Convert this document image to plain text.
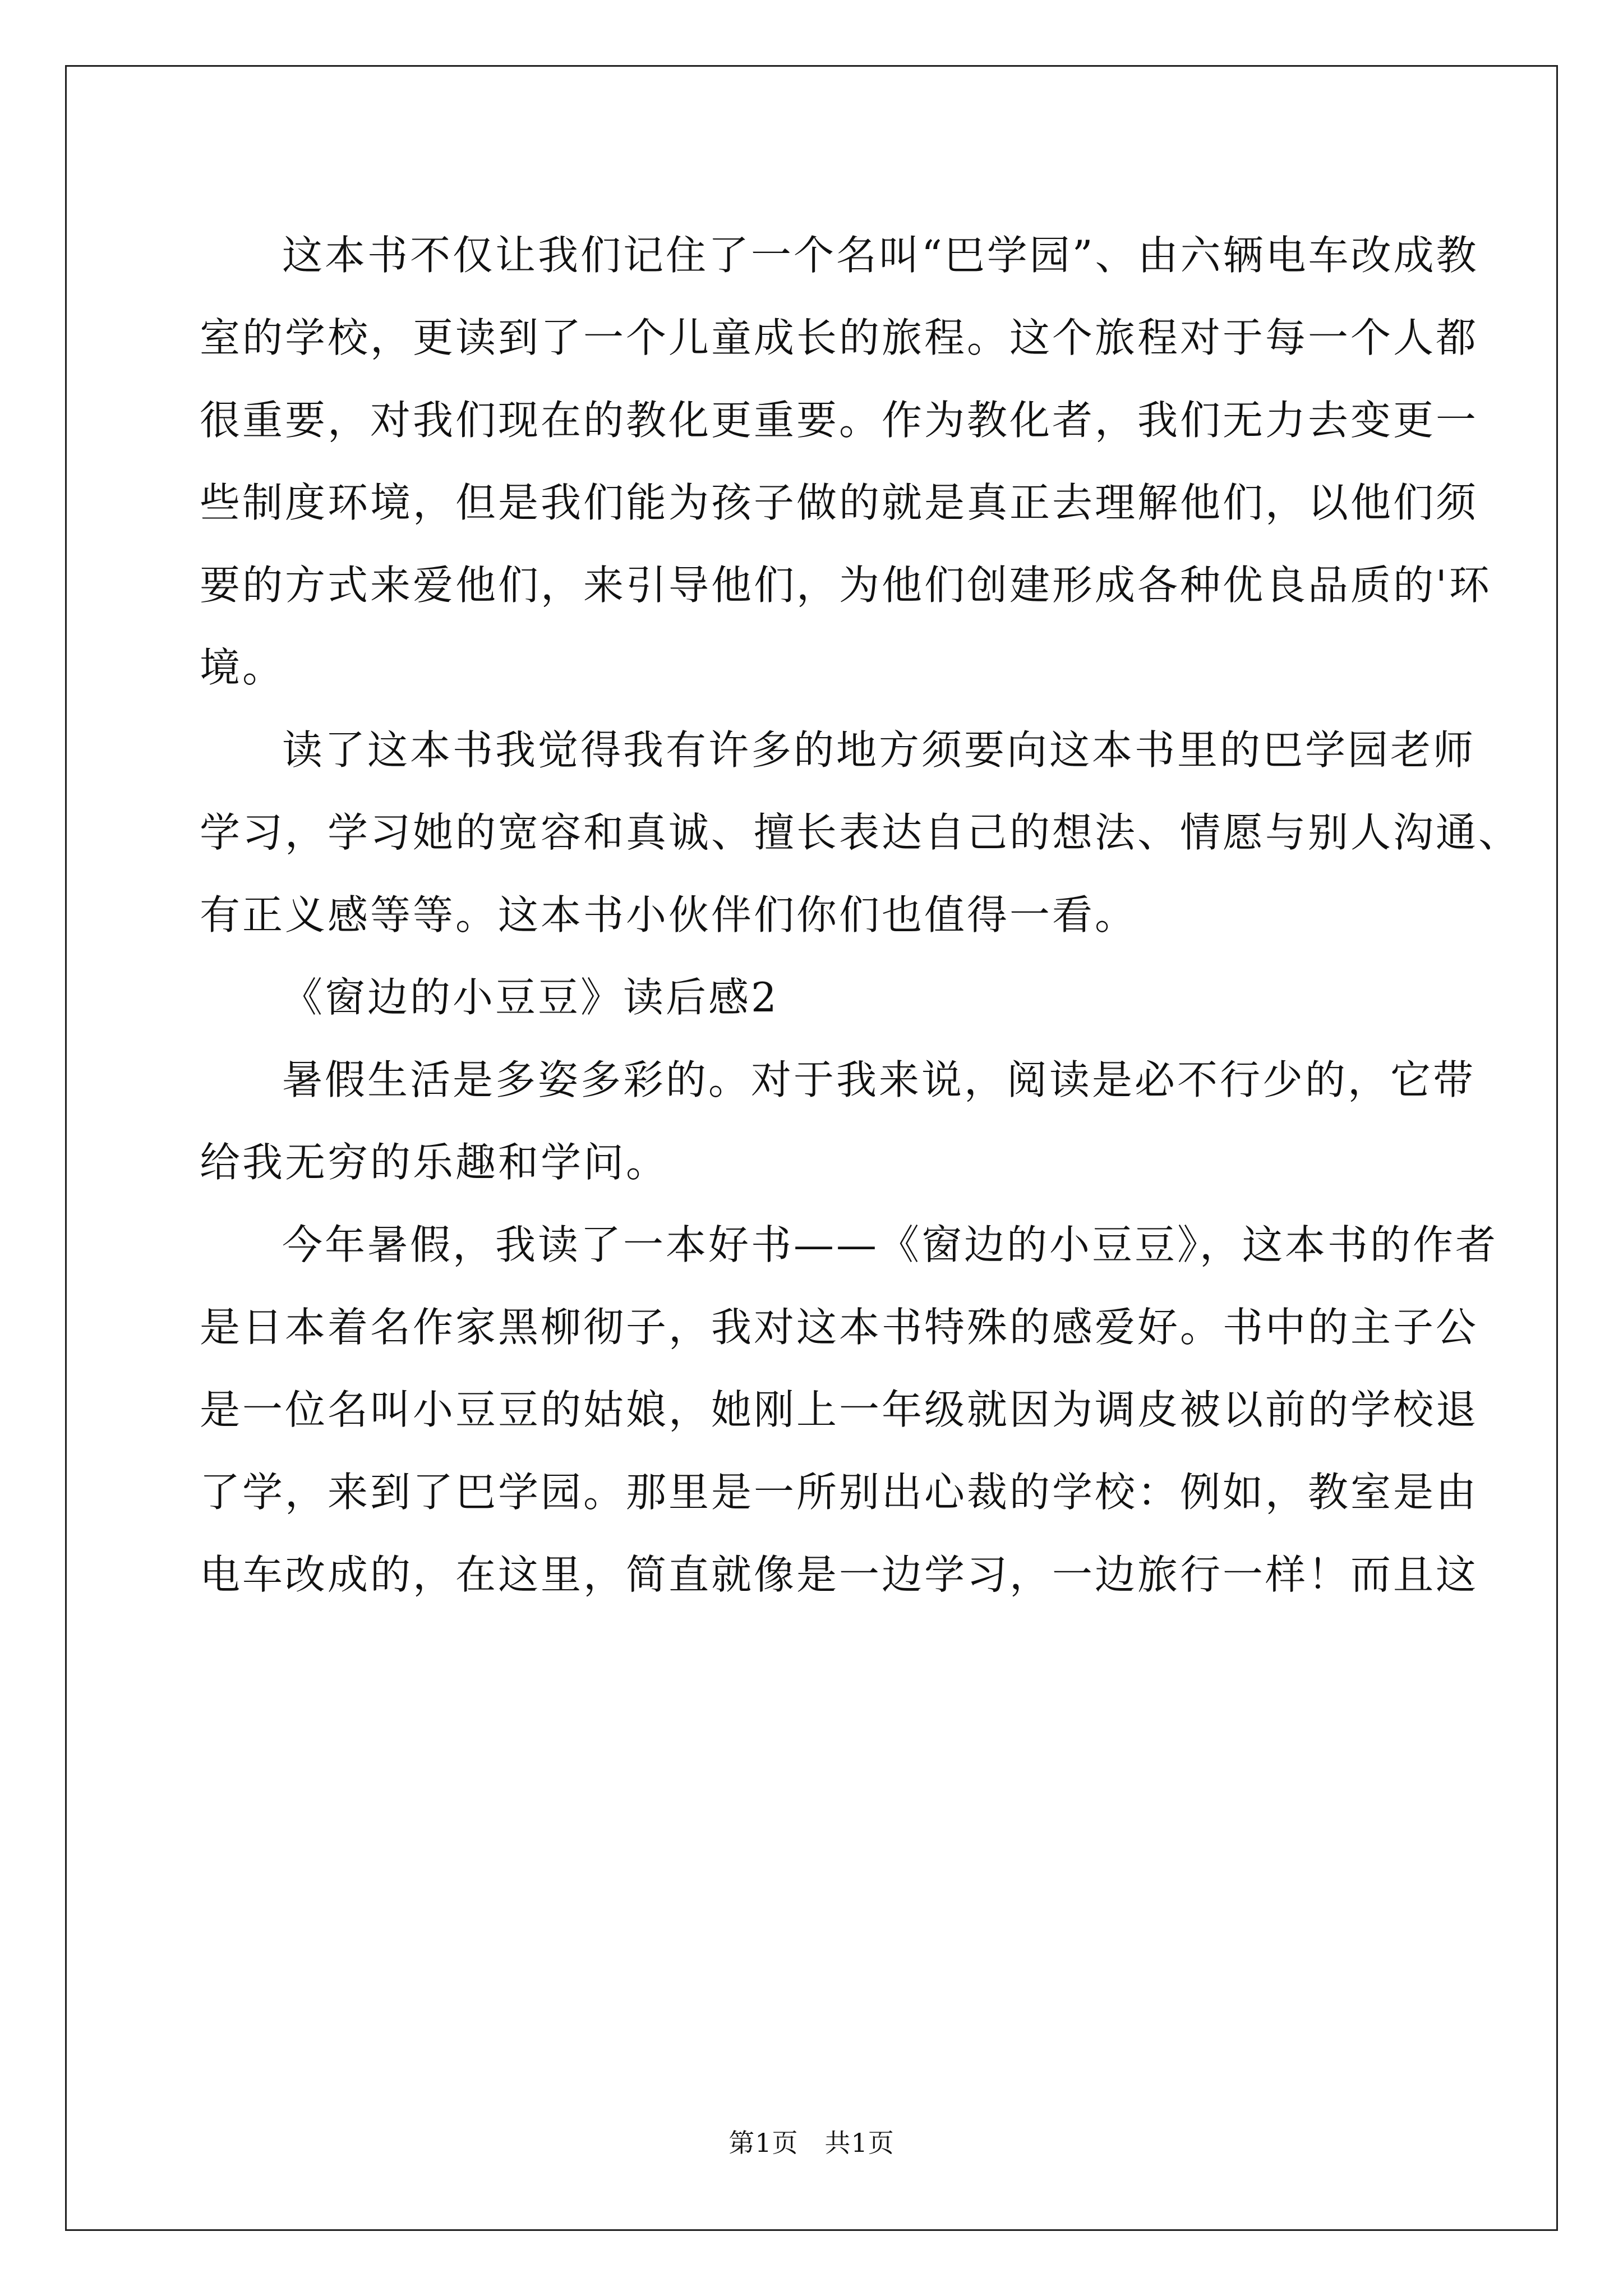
这本书不仅让我们记住了一个名叫“巴学园”、由六辆电车改成教
室的学校，更读到了一个儿童成长的旅程。这个旅程对于每一个人都
很重要，对我们现在的教化更重要。作为教化者，我们无力去变更一
些制度环境，但是我们能为孩子做的就是真正去理解他们，以他们须
要的方式来爱他们，来引导他们，为他们创建形成各种优良品质的'环
境。
读了这本书我觉得我有许多的地方须要向这本书里的巴学园老师
学习，学习她的宽容和真诚、擅长表达自己的想法、情愿与别人沟通、
有正义感等等。这本书小伙伴们你们也值得一看。
《窗边的小豆豆》读后感2
暑假生活是多姿多彩的。对于我来说，阅读是必不行少的，它带
给我无穷的乐趣和学问。
今年暑假，我读了一本好书——《窗边的小豆豆》，这本书的作者
是日本着名作家黑柳彻子，我对这本书特殊的感爱好。书中的主子公
是一位名叫小豆豆的姑娘，她刚上一年级就因为调皮被以前的学校退
了学，来到了巴学园。那里是一所别出心裁的学校：例如，教室是由
电车改成的，在这里，简直就像是一边学习，一边旅行一样！而且这
第1页　共1页
